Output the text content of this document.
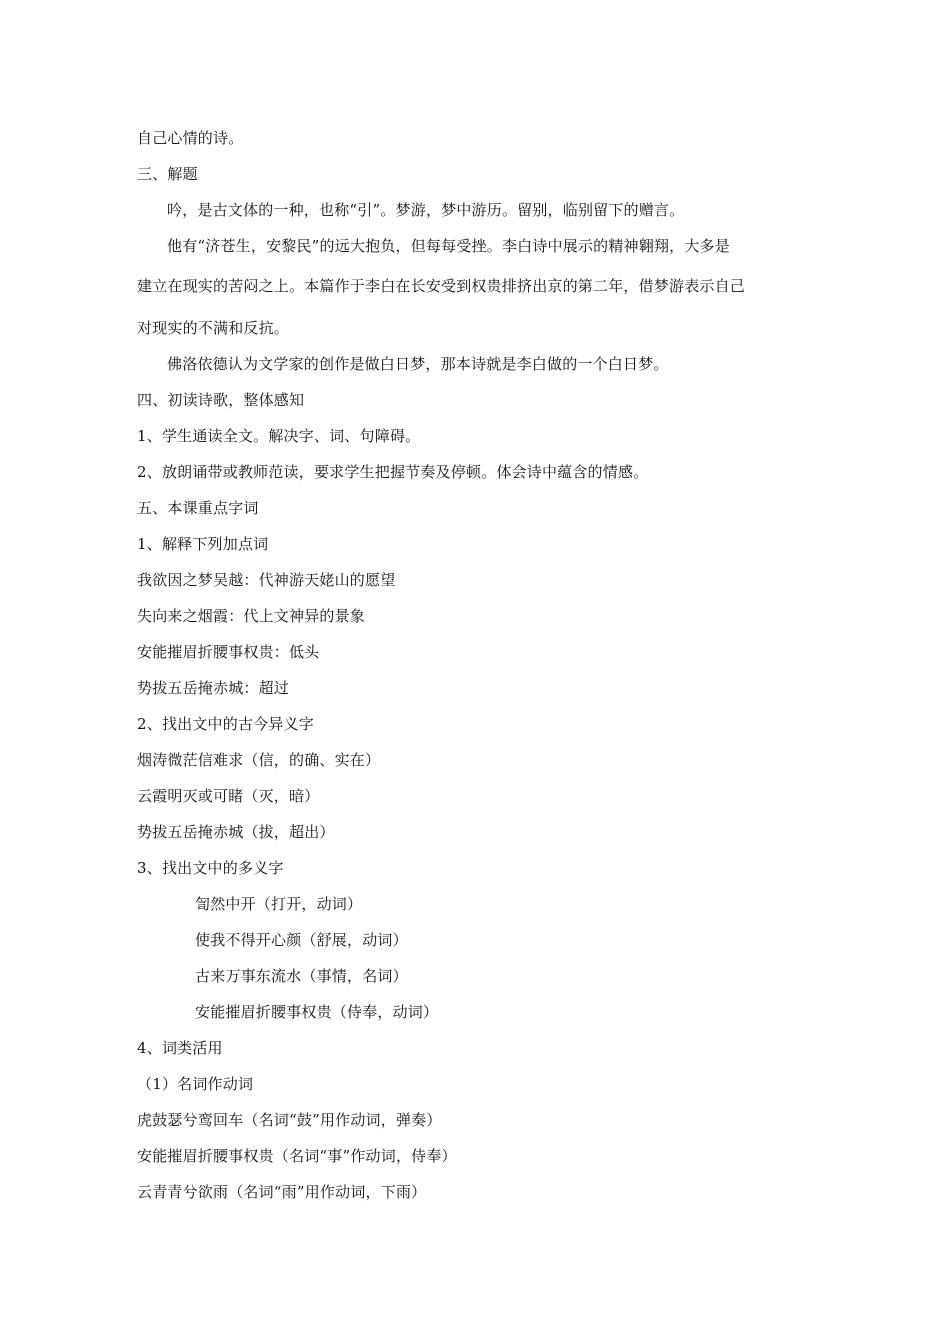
自己心情的诗。
三、解题
吟，是古文体的一种，也称“引”。梦游，梦中游历。留别，临别留下的赠言。
他有“济苍生，安黎民”的远大抱负，但每每受挫。李白诗中展示的精神翱翔，大多是
建立在现实的苦闷之上。本篇作于李白在长安受到权贵排挤出京的第二年，借梦游表示自己
对现实的不满和反抗。
佛洛依德认为文学家的创作是做白日梦，那本诗就是李白做的一个白日梦。
四、初读诗歌，整体感知
1、学生通读全文。解决字、词、句障碍。
2、放朗诵带或教师范读，要求学生把握节奏及停顿。体会诗中蕴含的情感。
五、本课重点字词
1、解释下列加点词
我欲因之梦吴越：代神游天姥山的愿望
失向来之烟霞：代上文神异的景象
安能摧眉折腰事权贵：低头
势拔五岳掩赤城：超过
2、找出文中的古今异义字
烟涛微茫信难求（信，的确、实在）
云霞明灭或可睹（灭，暗）
势拔五岳掩赤城（拔，超出）
3、找出文中的多义字
訇然中开（打开，动词）
使我不得开心颜（舒展，动词）
古来万事东流水（事情，名词）
安能摧眉折腰事权贵（侍奉，动词）
4、词类活用
（1）名词作动词
虎鼓瑟兮鸾回车（名词“鼓”用作动词，弹奏）
安能摧眉折腰事权贵（名词“事”作动词，侍奉）
云青青兮欲雨（名词“雨”用作动词，下雨）
